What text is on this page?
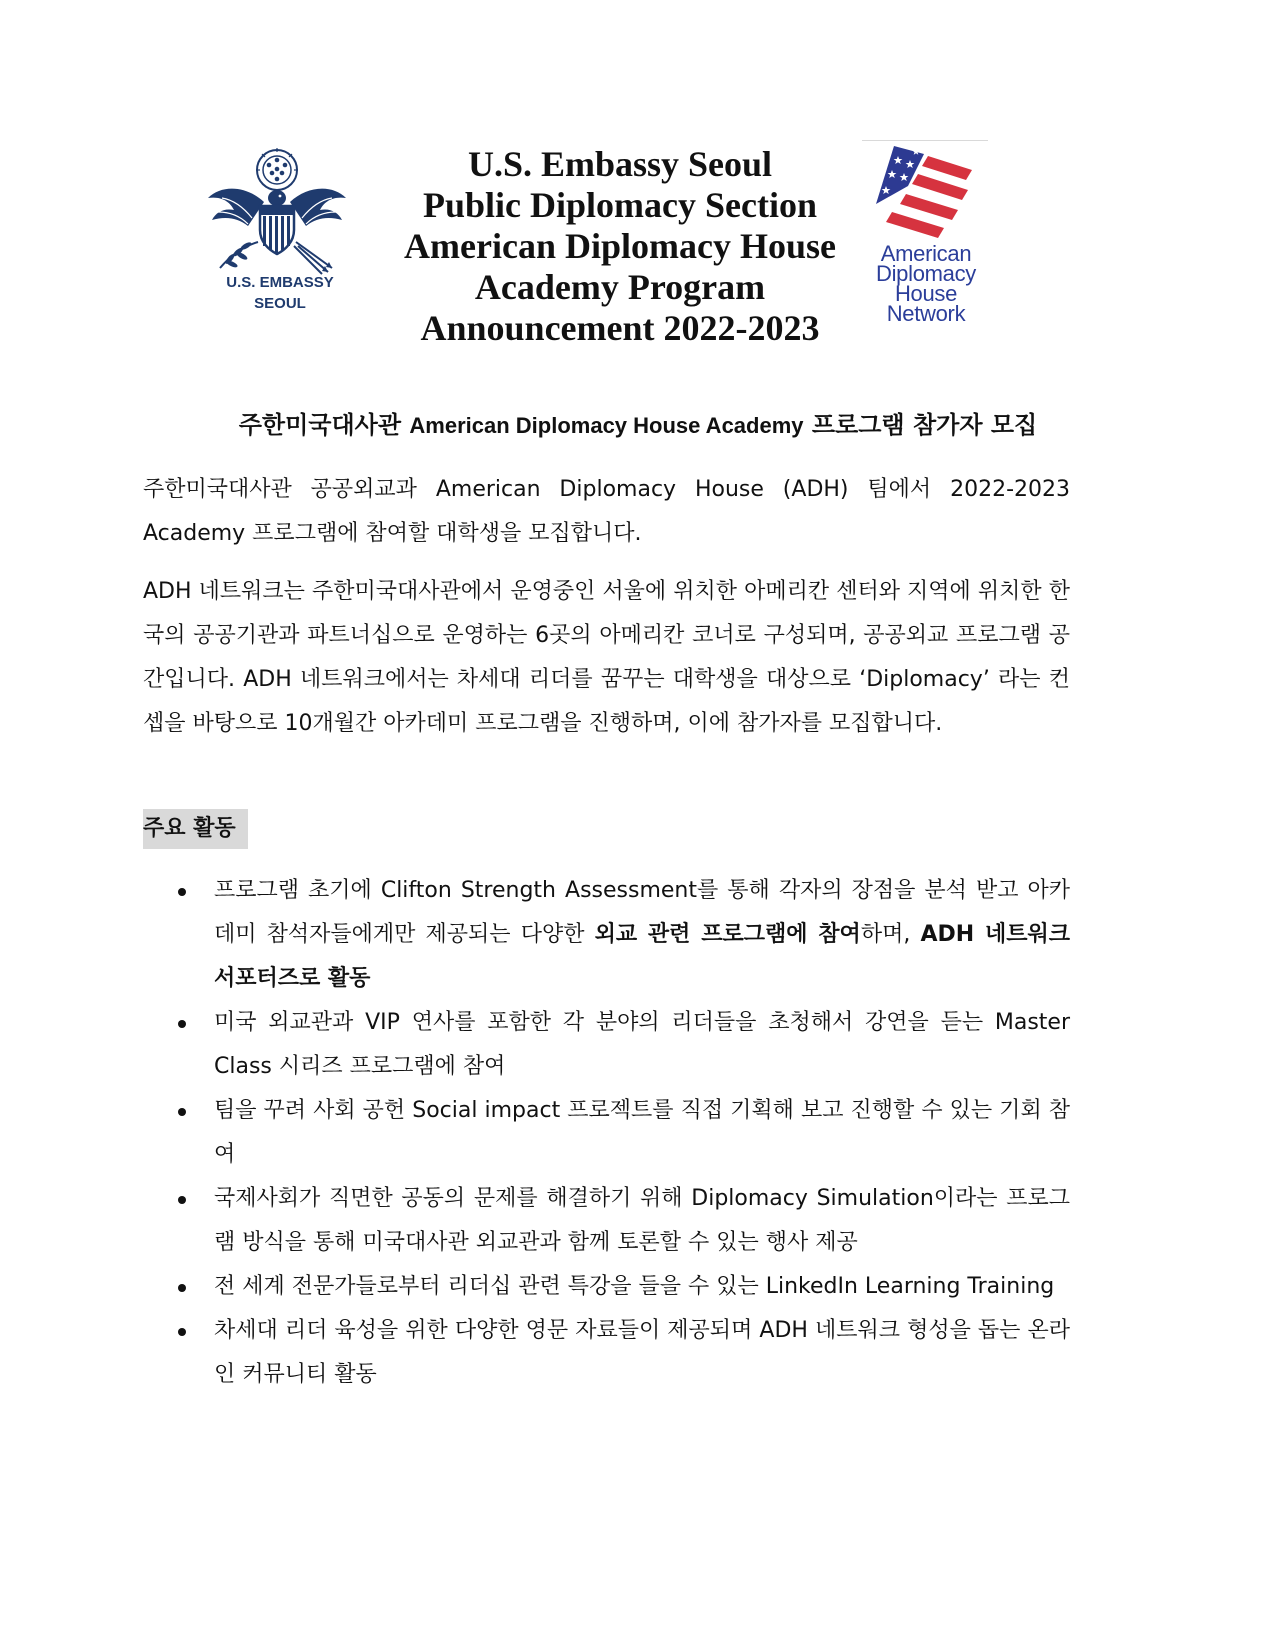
U.S. EMBASSY
SEOUL
U.S. Embassy Seoul
Public Diplomacy Section
American Diplomacy House
Academy Program
Announcement 2022-2023
American
Diplomacy
House
Network
주한미국대사관 American Diplomacy House Academy 프로그램 참가자 모집

주한미국대사관 공공외교과 American Diplomacy House (ADH) 팀에서 2022-2023 Academy 프로그램에 참여할 대학생을 모집합니다.

ADH 네트워크는 주한미국대사관에서 운영중인 서울에 위치한 아메리칸 센터와 지역에 위치한 한국의 공공기관과 파트너십으로 운영하는 6곳의 아메리칸 코너로 구성되며, 공공외교 프로그램 공간입니다. ADH 네트워크에서는 차세대 리더를 꿈꾸는 대학생을 대상으로 ‘Diplomacy’ 라는 컨셉을 바탕으로 10개월간 아카데미 프로그램을 진행하며, 이에 참가자를 모집합니다.

주요 활동
프로그램 초기에 Clifton Strength Assessment를 통해 각자의 장점을 분석 받고 아카데미 참석자들에게만 제공되는 다양한 외교 관련 프로그램에 참여하며, ADH 네트워크 서포터즈로 활동
미국 외교관과 VIP 연사를 포함한 각 분야의 리더들을 초청해서 강연을 듣는 Master Class 시리즈 프로그램에 참여
팀을 꾸려 사회 공헌 Social impact 프로젝트를 직접 기획해 보고 진행할 수 있는 기회 참여
국제사회가 직면한 공동의 문제를 해결하기 위해 Diplomacy Simulation이라는 프로그램 방식을 통해 미국대사관 외교관과 함께 토론할 수 있는 행사 제공
전 세계 전문가들로부터 리더십 관련 특강을 들을 수 있는 LinkedIn Learning Training
차세대 리더 육성을 위한 다양한 영문 자료들이 제공되며 ADH 네트워크 형성을 돕는 온라인 커뮤니티 활동
